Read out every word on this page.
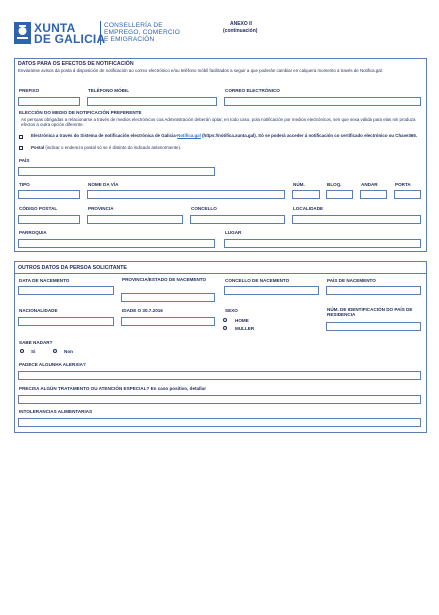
XUNTA
DE GALICIA
CONSELLERÍA DE
EMPREGO, COMERCIO
E EMIGRACIÓN
ANEXO II
(continuación)
DATOS PARA OS EFECTOS DE NOTIFICACIÓN
Enviaranse avisos da posta á disposición de notificación ao correo electrónico e/ou teléfono móbil facilitados a seguir a que poderán cambiar en calquera momento a través de Notifica.gal:
PREFIXO	TELÉFONO MÓBIL	CORREO ELECTRÓNICO
ELECCIÓN DO MEDIO DE NOTIFICACIÓN PREFERENTE
As persoas obrigadas a relacionarse a través de medios electrónicos coa Administración deberán optar, en todo caso, pola notificación por medios electrónicos, sen que sexa válida para elas nin produza efectos a outra opción diferente.
Electrónica a través do Sistema de notificación electrónica de Galicia-Notifica.gal (https://notifica.xunta.gal). Só se poderá acceder á notificación co certificado electrónico ou Chave365.
Postal (indicar o enderezo postal só se é distinto do indicado anteriormente).
PAÍS
TIPO	NOME DA VÍA	NÚM.	BLOQ.	ANDAR	PORTA
CÓDIGO POSTAL	PROVINCIA	CONCELLO	LOCALIDADE
PARROQUIA	LUGAR
OUTROS DATOS DA PERSOA SOLICITANTE
DATA DE NACEMENTO	PROVINCIA/ESTADO DE NACEMENTO	CONCELLO DE NACEMENTO	PAÍS DE NACEMENTO
NACIONALIDADE	IDADE O 30.7.2016	SEXO
HOME
MULLER
NÚM. DE IDENTIFICACIÓN DO PAÍS DE RESIDENCIA
SABE NADAR?
Si	Non
PADECE ALGUNHA ALERXIA?
PRECISA ALGÚN TRATAMENTO OU ATENCIÓN ESPECIAL? En caso positivo, detallar
INTOLERANCIAS ALIMENTARIAS
